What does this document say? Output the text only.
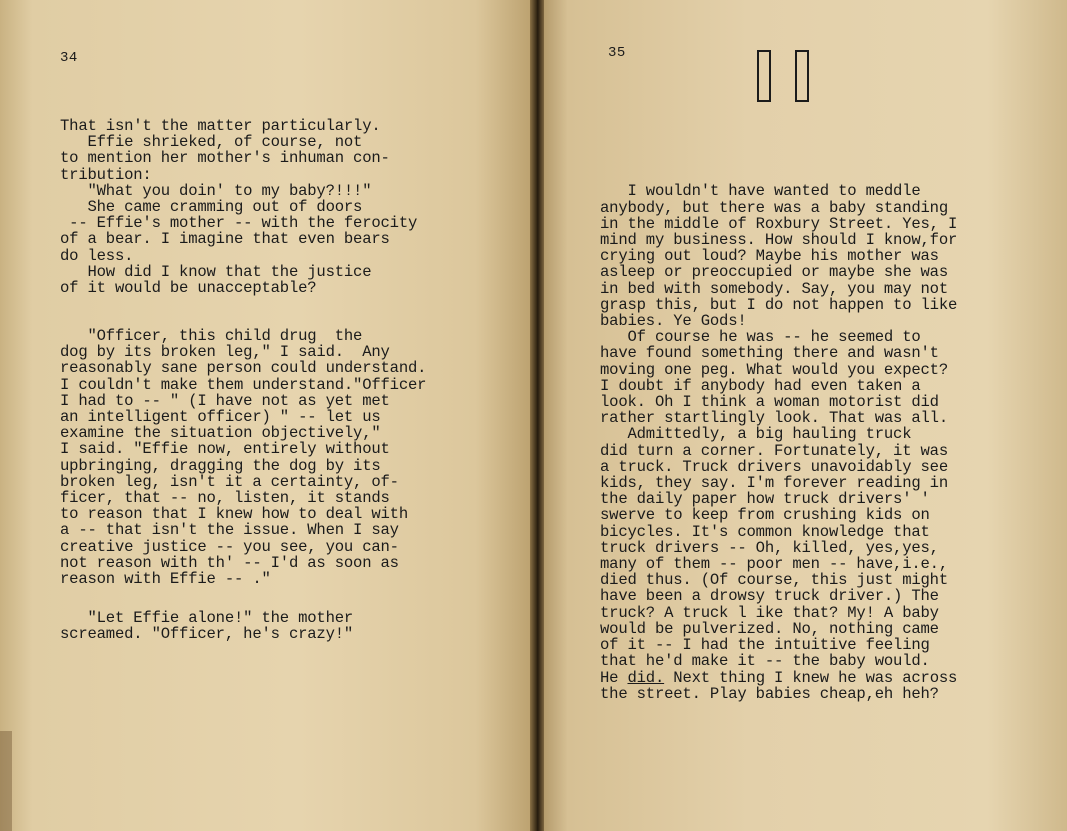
34
That isn't the matter particularly.
Effie shrieked, of course, not
to mention her mother's inhuman con-
tribution:
"What you doin' to my baby?!!!"
She came cramming out of doors
-- Effie's mother -- with the ferocity
of a bear. I imagine that even bears
do less.
How did I know that the justice
of it would be unacceptable?
"Officer, this child drug  the
dog by its broken leg," I said.  Any
reasonably sane person could understand.
I couldn't make them understand."Officer
I had to -- " (I have not as yet met
an intelligent officer) " -- let us
examine the situation objectively,"
I said. "Effie now, entirely without
upbringing, dragging the dog by its
broken leg, isn't it a certainty, of-
ficer, that -- no, listen, it stands
to reason that I knew how to deal with
a -- that isn't the issue. When I say
creative justice -- you see, you can-
not reason with th' -- I'd as soon as
reason with Effie -- ."
"Let Effie alone!" the mother
screamed. "Officer, he's crazy!"
35

I wouldn't have wanted to meddle
anybody, but there was a baby standing
in the middle of Roxbury Street. Yes, I
mind my business. How should I know,for
crying out loud? Maybe his mother was
asleep or preoccupied or maybe she was
in bed with somebody. Say, you may not
grasp this, but I do not happen to like
babies. Ye Gods!
Of course he was -- he seemed to
have found something there and wasn't
moving one peg. What would you expect?
I doubt if anybody had even taken a
look. Oh I think a woman motorist did
rather startlingly look. That was all.
Admittedly, a big hauling truck
did turn a corner. Fortunately, it was
a truck. Truck drivers unavoidably see
kids, they say. I'm forever reading in
the daily paper how truck drivers' '
swerve to keep from crushing kids on
bicycles. It's common knowledge that
truck drivers -- Oh, killed, yes,yes,
many of them -- poor men -- have,i.e.,
died thus. (Of course, this just might
have been a drowsy truck driver.) The
truck? A truck l ike that? My! A baby
would be pulverized. No, nothing came
of it -- I had the intuitive feeling
that he'd make it -- the baby would.
He did. Next thing I knew he was across
the street. Play babies cheap,eh heh?
